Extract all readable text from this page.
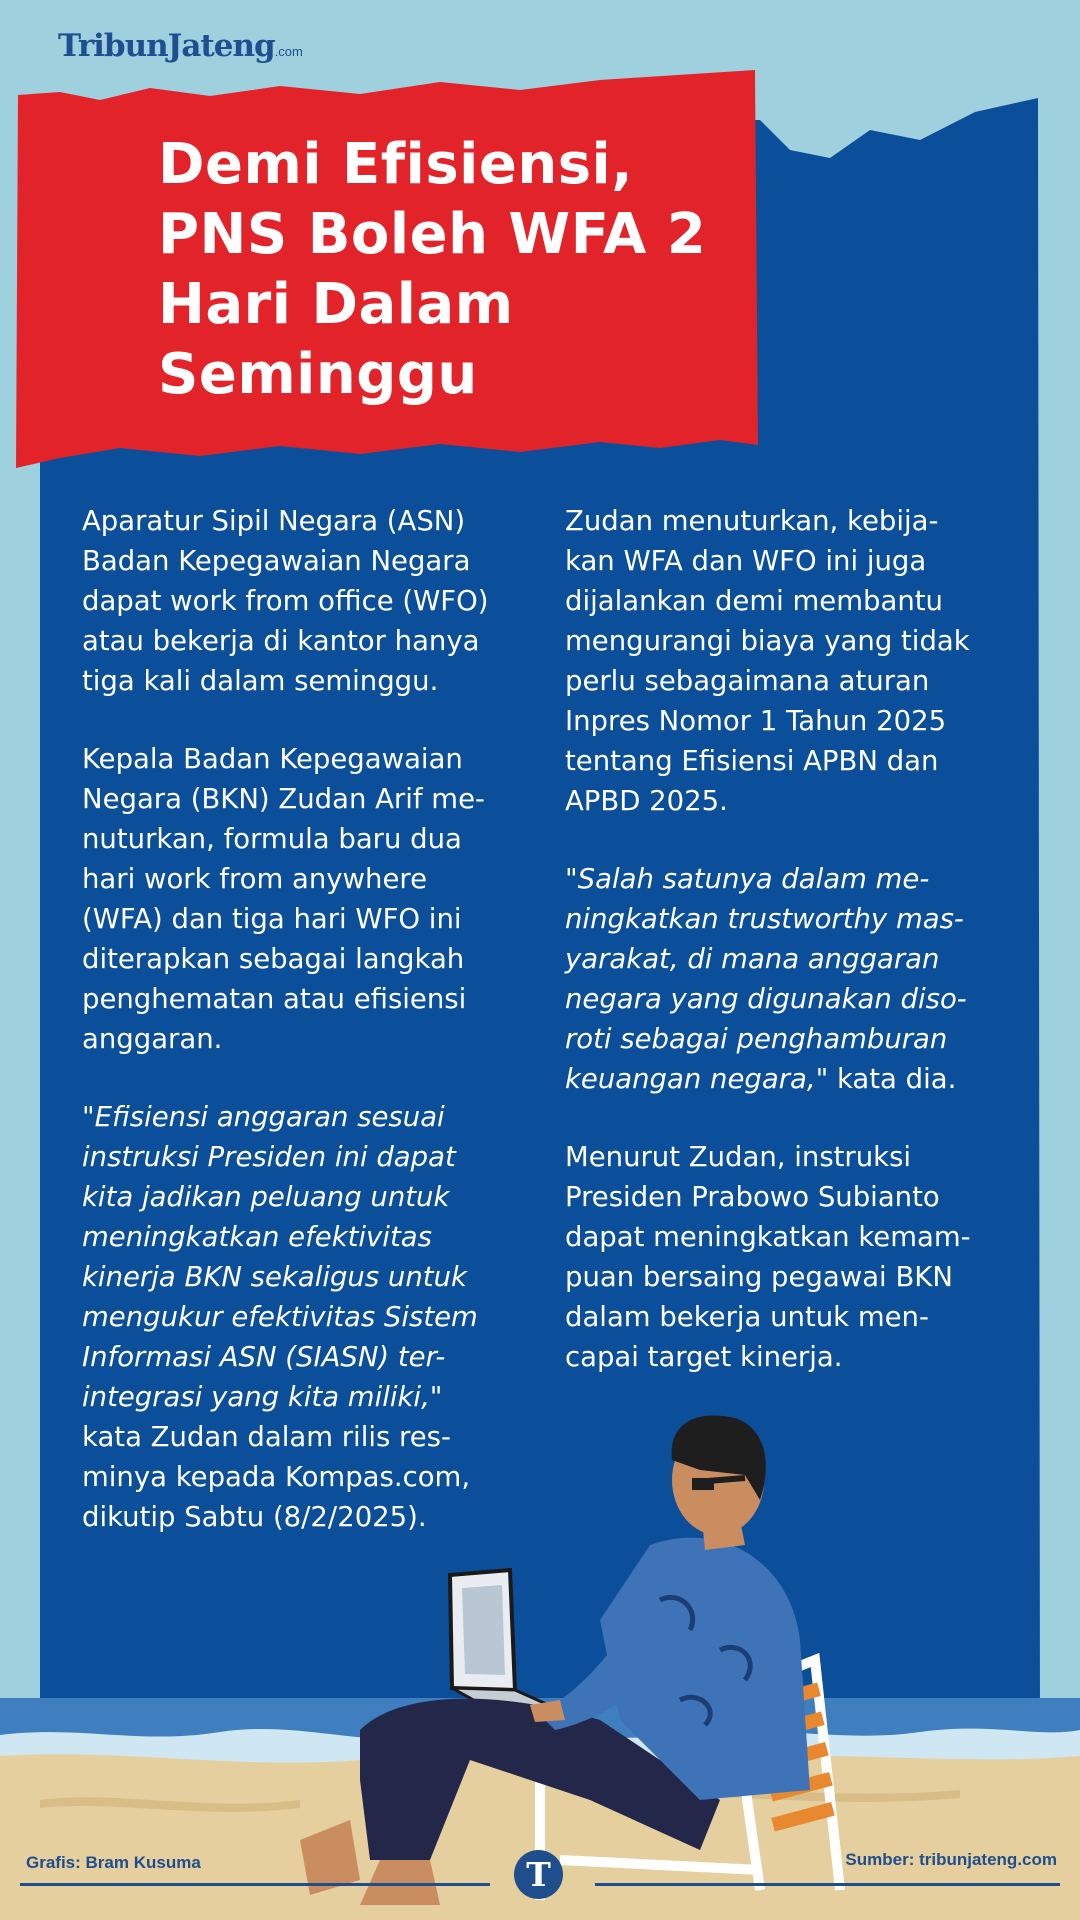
TribunJateng.com
Demi Efisiensi, PNS Boleh WFA 2 Hari Dalam Seminggu

Aparatur Sipil Negara (ASN)
Badan Kepegawaian Negara
dapat work from office (WFO)
atau bekerja di kantor hanya
tiga kali dalam seminggu.

Kepala Badan Kepegawaian
Negara (BKN) Zudan Arif me-
nuturkan, formula baru dua
hari work from anywhere
(WFA) dan tiga hari WFO ini
diterapkan sebagai langkah
penghematan atau efisiensi
anggaran.

"Efisiensi anggaran sesuai
instruksi Presiden ini dapat
kita jadikan peluang untuk
meningkatkan efektivitas
kinerja BKN sekaligus untuk
mengukur efektivitas Sistem
Informasi ASN (SIASN) ter-
integrasi yang kita miliki,"
kata Zudan dalam rilis res-
minya kepada Kompas.com,
dikutip Sabtu (8/2/2025).

Zudan menuturkan, kebija-
kan WFA dan WFO ini juga
dijalankan demi membantu
mengurangi biaya yang tidak
perlu sebagaimana aturan
Inpres Nomor 1 Tahun 2025
tentang Efisiensi APBN dan
APBD 2025.

"Salah satunya dalam me-
ningkatkan trustworthy mas-
yarakat, di mana anggaran
negara yang digunakan diso-
roti sebagai penghamburan
keuangan negara," kata dia.

Menurut Zudan, instruksi
Presiden Prabowo Subianto
dapat meningkatkan kemam-
puan bersaing pegawai BKN
dalam bekerja untuk men-
capai target kinerja.

Grafis: Bram Kusuma	T	Sumber: tribunjateng.com
